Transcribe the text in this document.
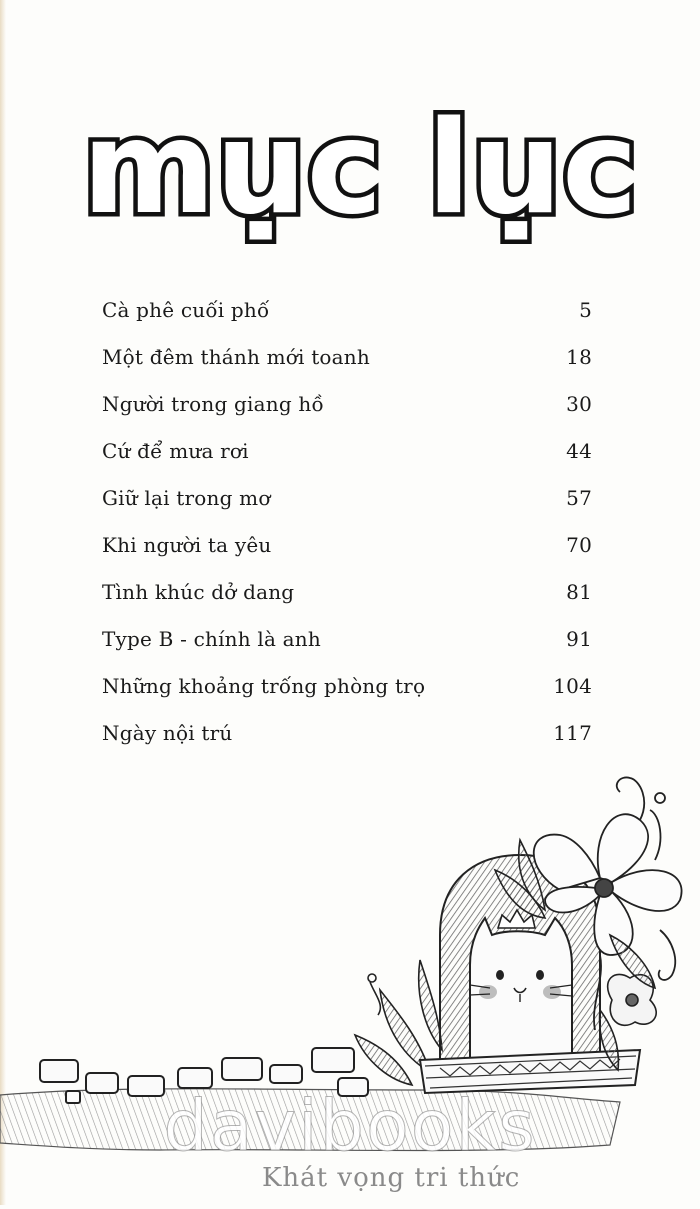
mục lục
Cà phê cuối phố	5
Một đêm thánh mới toanh	18
Người trong giang hồ	30
Cứ để mưa rơi	44
Giữ lại trong mơ	57
Khi người ta yêu	70
Tình khúc dở dang	81
Type B - chính là anh	91
Những khoảng trống phòng trọ	104
Ngày nội trú	117
davibooks
Khát vọng tri thức
